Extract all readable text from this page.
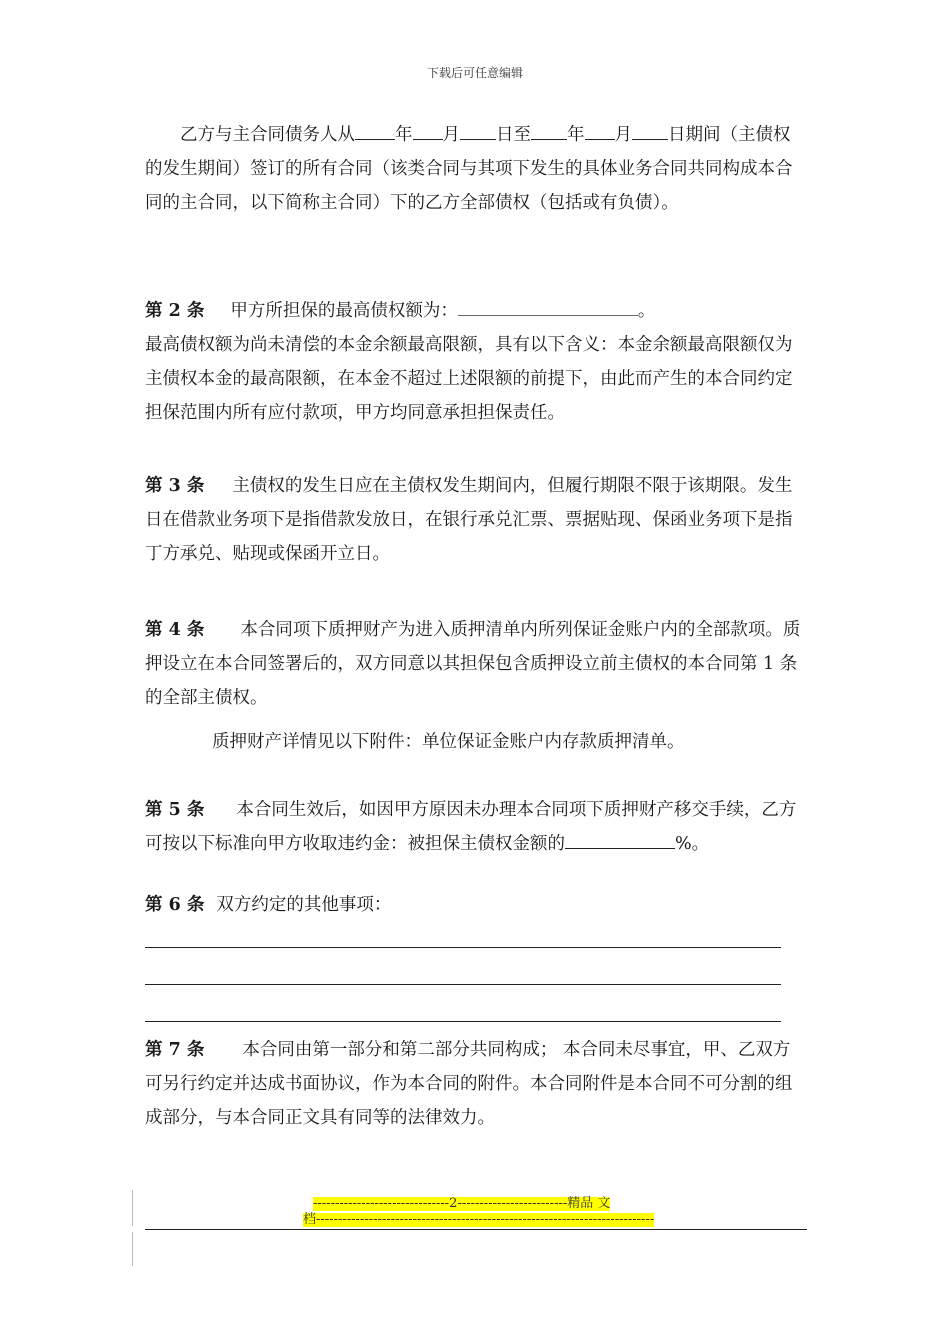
下载后可任意编辑
乙方与主合同债务人从 年 月 日至 年 月 日期间（主债权的发生期间）签订的所有合同（该类合同与其项下发生的具体业务合同共同构成本合同的主合同，以下简称主合同）下的乙方全部债权（包括或有负债）。
第 2 条 甲方所担保的最高债权额为：	。
最高债权额为尚未清偿的本金余额最高限额，具有以下含义：本金余额最高限额仅为主债权本金的最高限额，在本金不超过上述限额的前提下，由此而产生的本合同约定担保范围内所有应付款项，甲方均同意承担担保责任。
第 3 条 主债权的发生日应在主债权发生期间内，但履行期限不限于该期限。发生日在借款业务项下是指借款发放日，在银行承兑汇票、票据贴现、保函业务项下是指丁方承兑、贴现或保函开立日。
第 4 条 本合同项下质押财产为进入质押清单内所列保证金账户内的全部款项。质押设立在本合同签署后的，双方同意以其担保包含质押设立前主债权的本合同第 1 条的全部主债权。
质押财产详情见以下附件：单位保证金账户内存款质押清单。
第 5 条 本合同生效后，如因甲方原因未办理本合同项下质押财产移交手续，乙方可按以下标准向甲方收取违约金：被担保主债权金额的	%。
第 6 条 双方约定的其他事项：
第 7 条 本合同由第一部分和第二部分共同构成； 本合同未尽事宜，甲、乙双方可另行约定并达成书面协议，作为本合同的附件。本合同附件是本合同不可分割的组成部分，与本合同正文具有同等的法律效力。
-------------------------------2-------------------------精品 文
档-----------------------------------------------------------------------------
